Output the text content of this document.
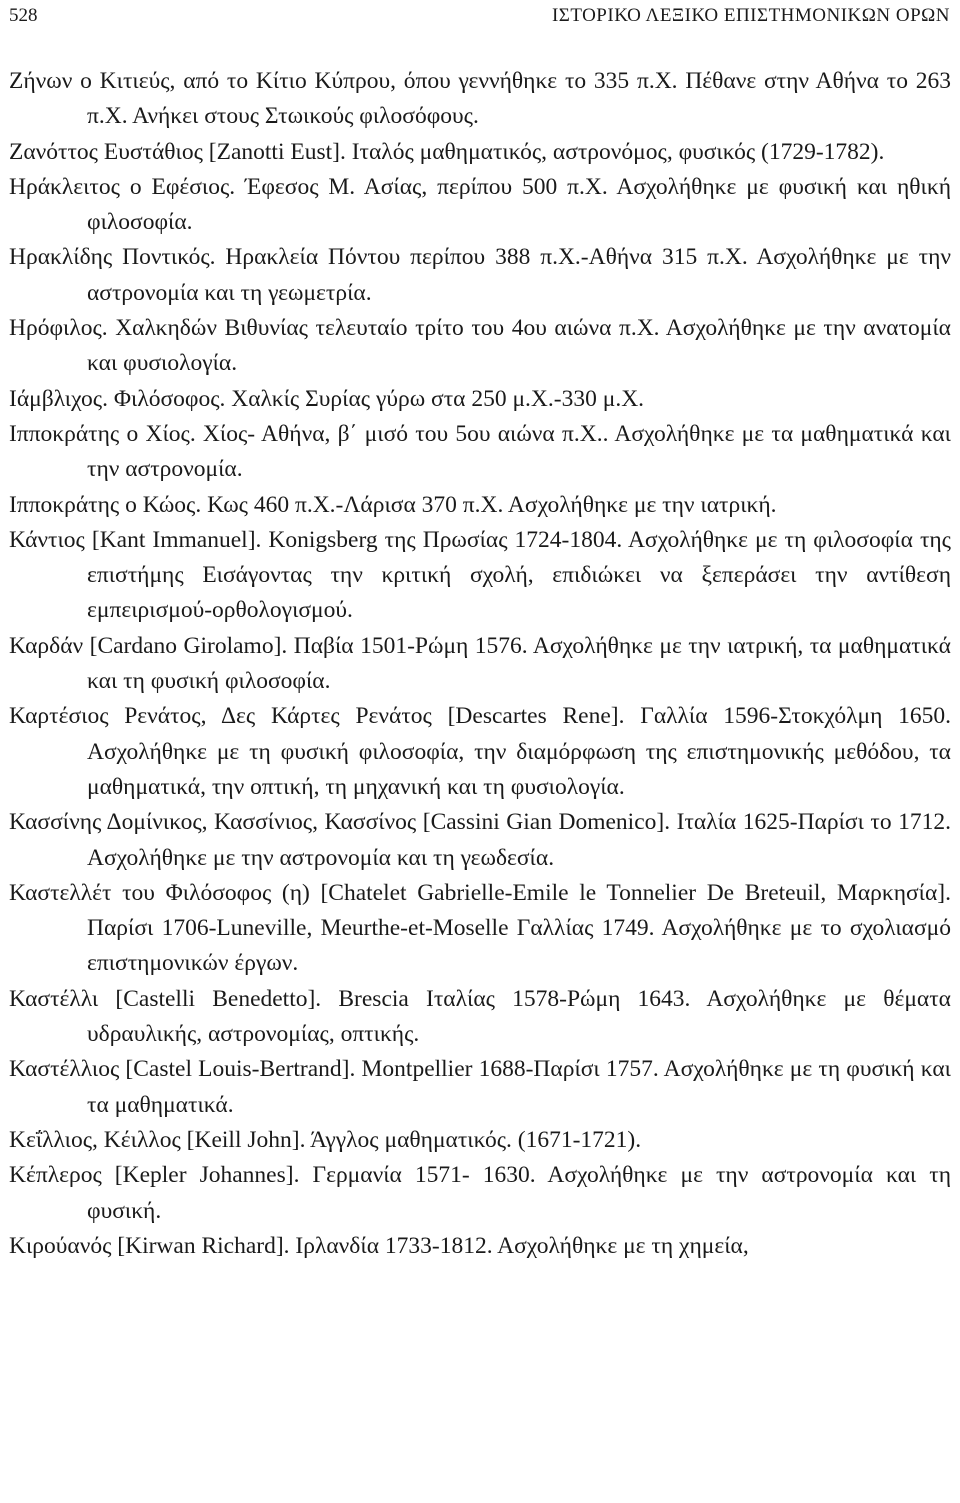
528	ΙΣΤΟΡΙΚΟ ΛΕΞΙΚΟ ΕΠΙΣΤΗΜΟΝΙΚΩΝ ΟΡΩΝ

Ζήνων ο Κιτιεύς, από το Κίτιο Κύπρου, όπου γεννήθηκε το 335 π.Χ. Πέθανε στην Αθήνα το 263 π.Χ. Ανήκει στους Στωικούς φιλοσόφους.

Ζανόττος Ευστάθιος [Zanotti Eust]. Ιταλός μαθηματικός, αστρονόμος, φυσικός (1729-1782).

Ηράκλειτος ο Εφέσιος. Έφεσος Μ. Ασίας, περίπου 500 π.Χ. Ασχολήθηκε με φυσική και ηθική φιλοσοφία.

Ηρακλίδης Ποντικός. Ηρακλεία Πόντου περίπου 388 π.Χ.-Αθήνα 315 π.Χ. Ασχολήθηκε με την αστρονομία και τη γεωμετρία.

Ηρόφιλος. Χαλκηδών Βιθυνίας τελευταίο τρίτο του 4ου αιώνα π.Χ. Ασχολήθηκε με την ανατομία και φυσιολογία.

Ιάμβλιχος. Φιλόσοφος. Χαλκίς Συρίας γύρω στα 250 μ.Χ.-330 μ.Χ.

Ιπποκράτης ο Χίος. Χίος- Αθήνα, β΄ μισό του 5ου αιώνα π.Χ.. Ασχολήθηκε με τα μαθηματικά και την αστρονομία.

Ιπποκράτης ο Κώος. Κως 460 π.Χ.-Λάρισα 370 π.Χ. Ασχολήθηκε με την ιατρική.

Κάντιος [Kant Immanuel]. Konigsberg της Πρωσίας 1724-1804. Ασχολήθηκε με τη φιλοσοφία της επιστήμης Εισάγοντας την κριτική σχολή, επιδιώκει να ξεπεράσει την αντίθεση εμπειρισμού-ορθολογισμού.

Καρδάν [Cardano Girolamo]. Παβία 1501-Ρώμη 1576. Ασχολήθηκε με την ιατρική, τα μαθηματικά και τη φυσική φιλοσοφία.

Καρτέσιος Ρενάτος, Δες Κάρτες Ρενάτος [Descartes Rene]. Γαλλία 1596-Στοκχόλμη 1650. Ασχολήθηκε με τη φυσική φιλοσοφία, την διαμόρφωση της επιστημονικής μεθόδου, τα μαθηματικά, την οπτική, τη μηχανική και τη φυσιολογία.

Κασσίνης Δομίνικος, Κασσίνιος, Κασσίνος [Cassini Gian Domenico]. Ιταλία 1625-Παρίσι το 1712. Ασχολήθηκε με την αστρονομία και τη γεωδεσία.

Καστελλέτ του Φιλόσοφος (η) [Chatelet Gabrielle-Emile le Tonnelier De Breteuil, Μαρκησία]. Παρίσι 1706-Luneville, Meurthe-et-Moselle Γαλλίας 1749. Ασχολήθηκε με το σχολιασμό επιστημονικών έργων.

Καστέλλι [Castelli Benedetto]. Brescia Ιταλίας 1578-Ρώμη 1643. Ασχολήθηκε με θέματα υδραυλικής, αστρονομίας, οπτικής.

Καστέλλιος [Castel Louis-Bertrand]. Montpellier 1688-Παρίσι 1757. Ασχολήθηκε με τη φυσική και τα μαθηματικά.

Κεΐλλιος, Κέιλλος [Keill John]. Άγγλος μαθηματικός. (1671-1721).

Κέπλερος [Kepler Johannes]. Γερμανία 1571- 1630. Ασχολήθηκε με την αστρονομία και τη φυσική.

Κιρούανός [Kirwan Richard]. Ιρλανδία 1733-1812. Ασχολήθηκε με τη χημεία,
